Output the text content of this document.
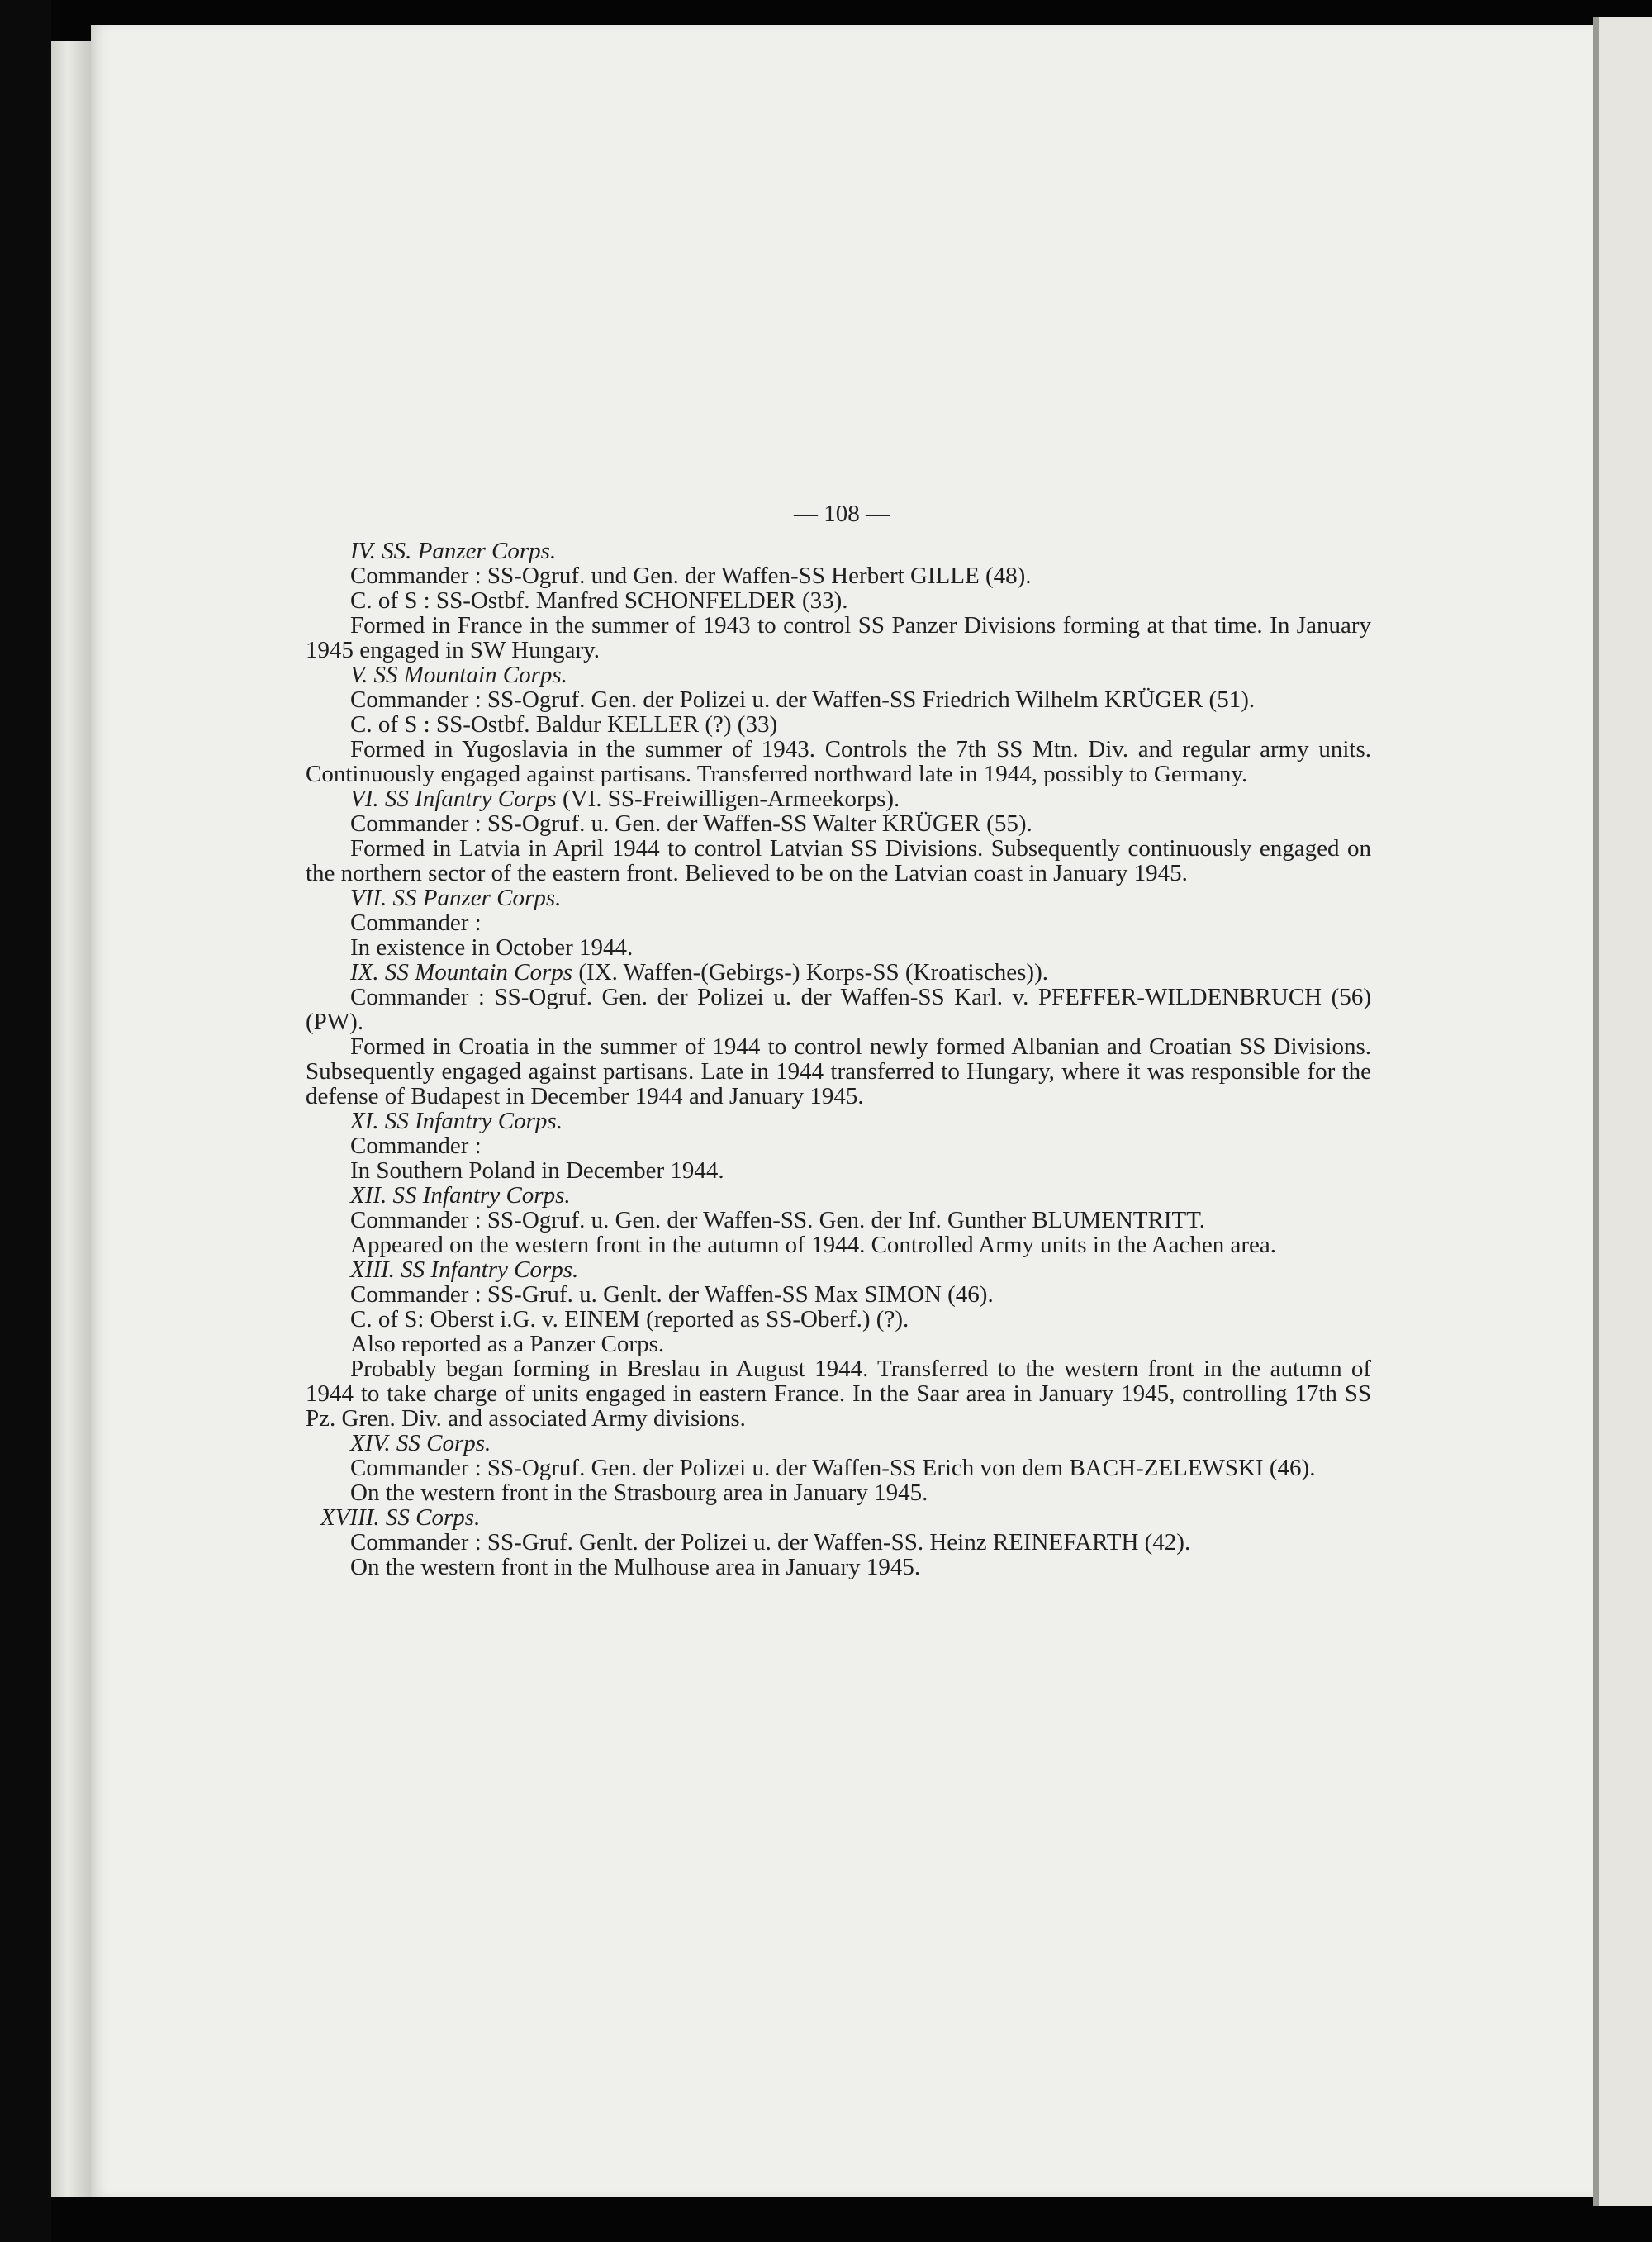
— 108 —

IV. SS. Panzer Corps.

Commander : SS-Ogruf. und Gen. der Waffen-SS Herbert GILLE (48).

C. of S : SS-Ostbf. Manfred SCHONFELDER (33).

Formed in France in the summer of 1943 to control SS Panzer Divisions forming at that time. In January 1945 engaged in SW Hungary.

V. SS Mountain Corps.

Commander : SS-Ogruf. Gen. der Polizei u. der Waffen-SS Friedrich Wilhelm KRÜGER (51).

C. of S : SS-Ostbf. Baldur KELLER (?) (33)

Formed in Yugoslavia in the summer of 1943. Controls the 7th SS Mtn. Div. and regular army units. Continuously engaged against partisans. Transferred northward late in 1944, possibly to Germany.

VI. SS Infantry Corps (VI. SS-Freiwilligen-Armeekorps).

Commander : SS-Ogruf. u. Gen. der Waffen-SS Walter KRÜGER (55).

Formed in Latvia in April 1944 to control Latvian SS Divisions. Subsequently continuously engaged on the northern sector of the eastern front. Believed to be on the Latvian coast in January 1945.

VII. SS Panzer Corps.

Commander :

In existence in October 1944.

IX. SS Mountain Corps (IX. Waffen-(Gebirgs-) Korps-SS (Kroatisches)).

Commander : SS-Ogruf. Gen. der Polizei u. der Waffen-SS Karl. v. PFEFFER-WILDENBRUCH (56) (PW).

Formed in Croatia in the summer of 1944 to control newly formed Albanian and Croatian SS Divisions. Subsequently engaged against partisans. Late in 1944 transferred to Hungary, where it was responsible for the defense of Budapest in December 1944 and January 1945.

XI. SS Infantry Corps.

Commander :

In Southern Poland in December 1944.

XII. SS Infantry Corps.

Commander : SS-Ogruf. u. Gen. der Waffen-SS. Gen. der Inf. Gunther BLUMENTRITT.

Appeared on the western front in the autumn of 1944. Controlled Army units in the Aachen area.

XIII. SS Infantry Corps.

Commander : SS-Gruf. u. Genlt. der Waffen-SS Max SIMON (46).

C. of S: Oberst i.G. v. EINEM (reported as SS-Oberf.) (?).

Also reported as a Panzer Corps.

Probably began forming in Breslau in August 1944. Transferred to the western front in the autumn of 1944 to take charge of units engaged in eastern France. In the Saar area in January 1945, controlling 17th SS Pz. Gren. Div. and associated Army divisions.

XIV. SS Corps.

Commander : SS-Ogruf. Gen. der Polizei u. der Waffen-SS Erich von dem BACH-ZELEWSKI (46).

On the western front in the Strasbourg area in January 1945.

XVIII. SS Corps.

Commander : SS-Gruf. Genlt. der Polizei u. der Waffen-SS. Heinz REINEFARTH (42).

On the western front in the Mulhouse area in January 1945.
